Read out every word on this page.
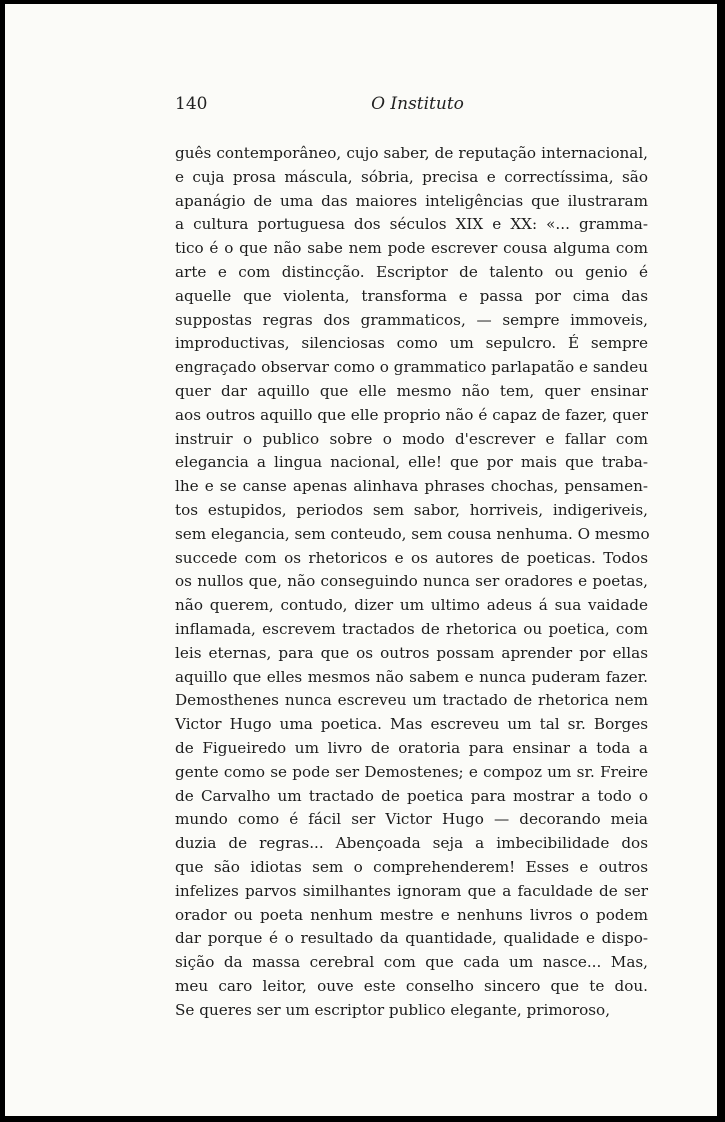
140	O Instituto
guês contemporâneo, cujo saber, de reputação internacional,
e cuja prosa máscula, sóbria, precisa e correctíssima, são
apanágio de uma das maiores inteligências que ilustraram
a cultura portuguesa dos séculos XIX e XX: «... gramma-
tico é o que não sabe nem pode escrever cousa alguma com
arte e com distincção. Escriptor de talento ou genio é
aquelle que violenta, transforma e passa por cima das
suppostas regras dos grammaticos, — sempre immoveis,
improductivas, silenciosas como um sepulcro. É sempre
engraçado observar como o grammatico parlapatão e sandeu
quer dar aquillo que elle mesmo não tem, quer ensinar
aos outros aquillo que elle proprio não é capaz de fazer, quer
instruir o publico sobre o modo d'escrever e fallar com
elegancia a lingua nacional, elle! que por mais que traba-
lhe e se canse apenas alinhava phrases chochas, pensamen-
tos estupidos, periodos sem sabor, horriveis, indigeriveis,
sem elegancia, sem conteudo, sem cousa nenhuma. O mesmo
succede com os rhetoricos e os autores de poeticas. Todos
os nullos que, não conseguindo nunca ser oradores e poetas,
não querem, contudo, dizer um ultimo adeus á sua vaidade
inflamada, escrevem tractados de rhetorica ou poetica, com
leis eternas, para que os outros possam aprender por ellas
aquillo que elles mesmos não sabem e nunca puderam fazer.
Demosthenes nunca escreveu um tractado de rhetorica nem
Victor Hugo uma poetica. Mas escreveu um tal sr. Borges
de Figueiredo um livro de oratoria para ensinar a toda a
gente como se pode ser Demostenes; e compoz um sr. Freire
de Carvalho um tractado de poetica para mostrar a todo o
mundo como é fácil ser Victor Hugo — decorando meia
duzia de regras... Abençoada seja a imbecibilidade dos
que são idiotas sem o comprehenderem! Esses e outros
infelizes parvos similhantes ignoram que a faculdade de ser
orador ou poeta nenhum mestre e nenhuns livros o podem
dar porque é o resultado da quantidade, qualidade e dispo-
sição da massa cerebral com que cada um nasce... Mas,
meu caro leitor, ouve este conselho sincero que te dou.
Se queres ser um escriptor publico elegante, primoroso,
